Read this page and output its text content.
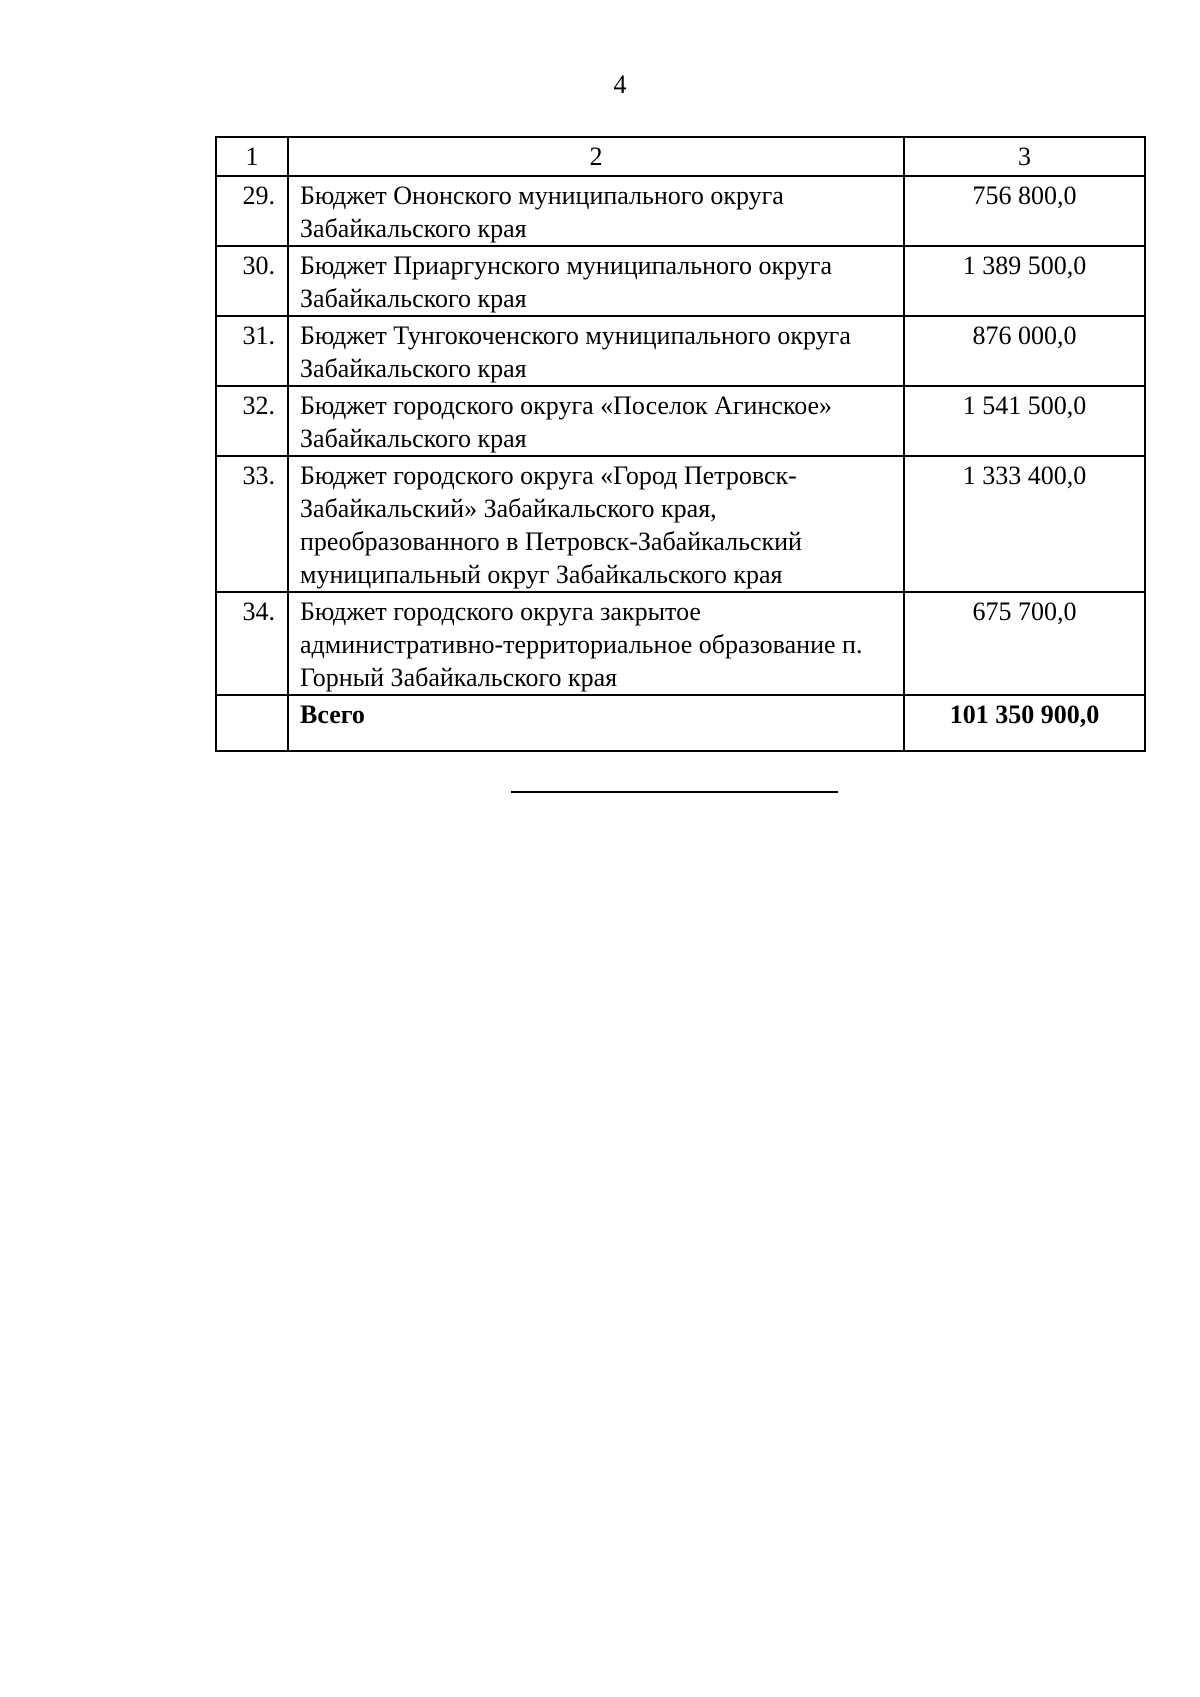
4
1	2	3
29.	Бюджет Ононского муниципального округа Забайкальского края	756 800,0
30.	Бюджет Приаргунского муниципального округа Забайкальского края	1 389 500,0
31.	Бюджет Тунгокоченского муниципального округа Забайкальского края	876 000,0
32.	Бюджет городского округа «Поселок Агинское» Забайкальского края	1 541 500,0
33.	Бюджет городского округа «Город Петровск-Забайкальский» Забайкальского края, преобразованного в Петровск-Забайкальский муниципальный округ Забайкальского края	1 333 400,0
34.	Бюджет городского округа закрытое административно-территориальное образование п. Горный Забайкальского края	675 700,0
	Всего	101 350 900,0
